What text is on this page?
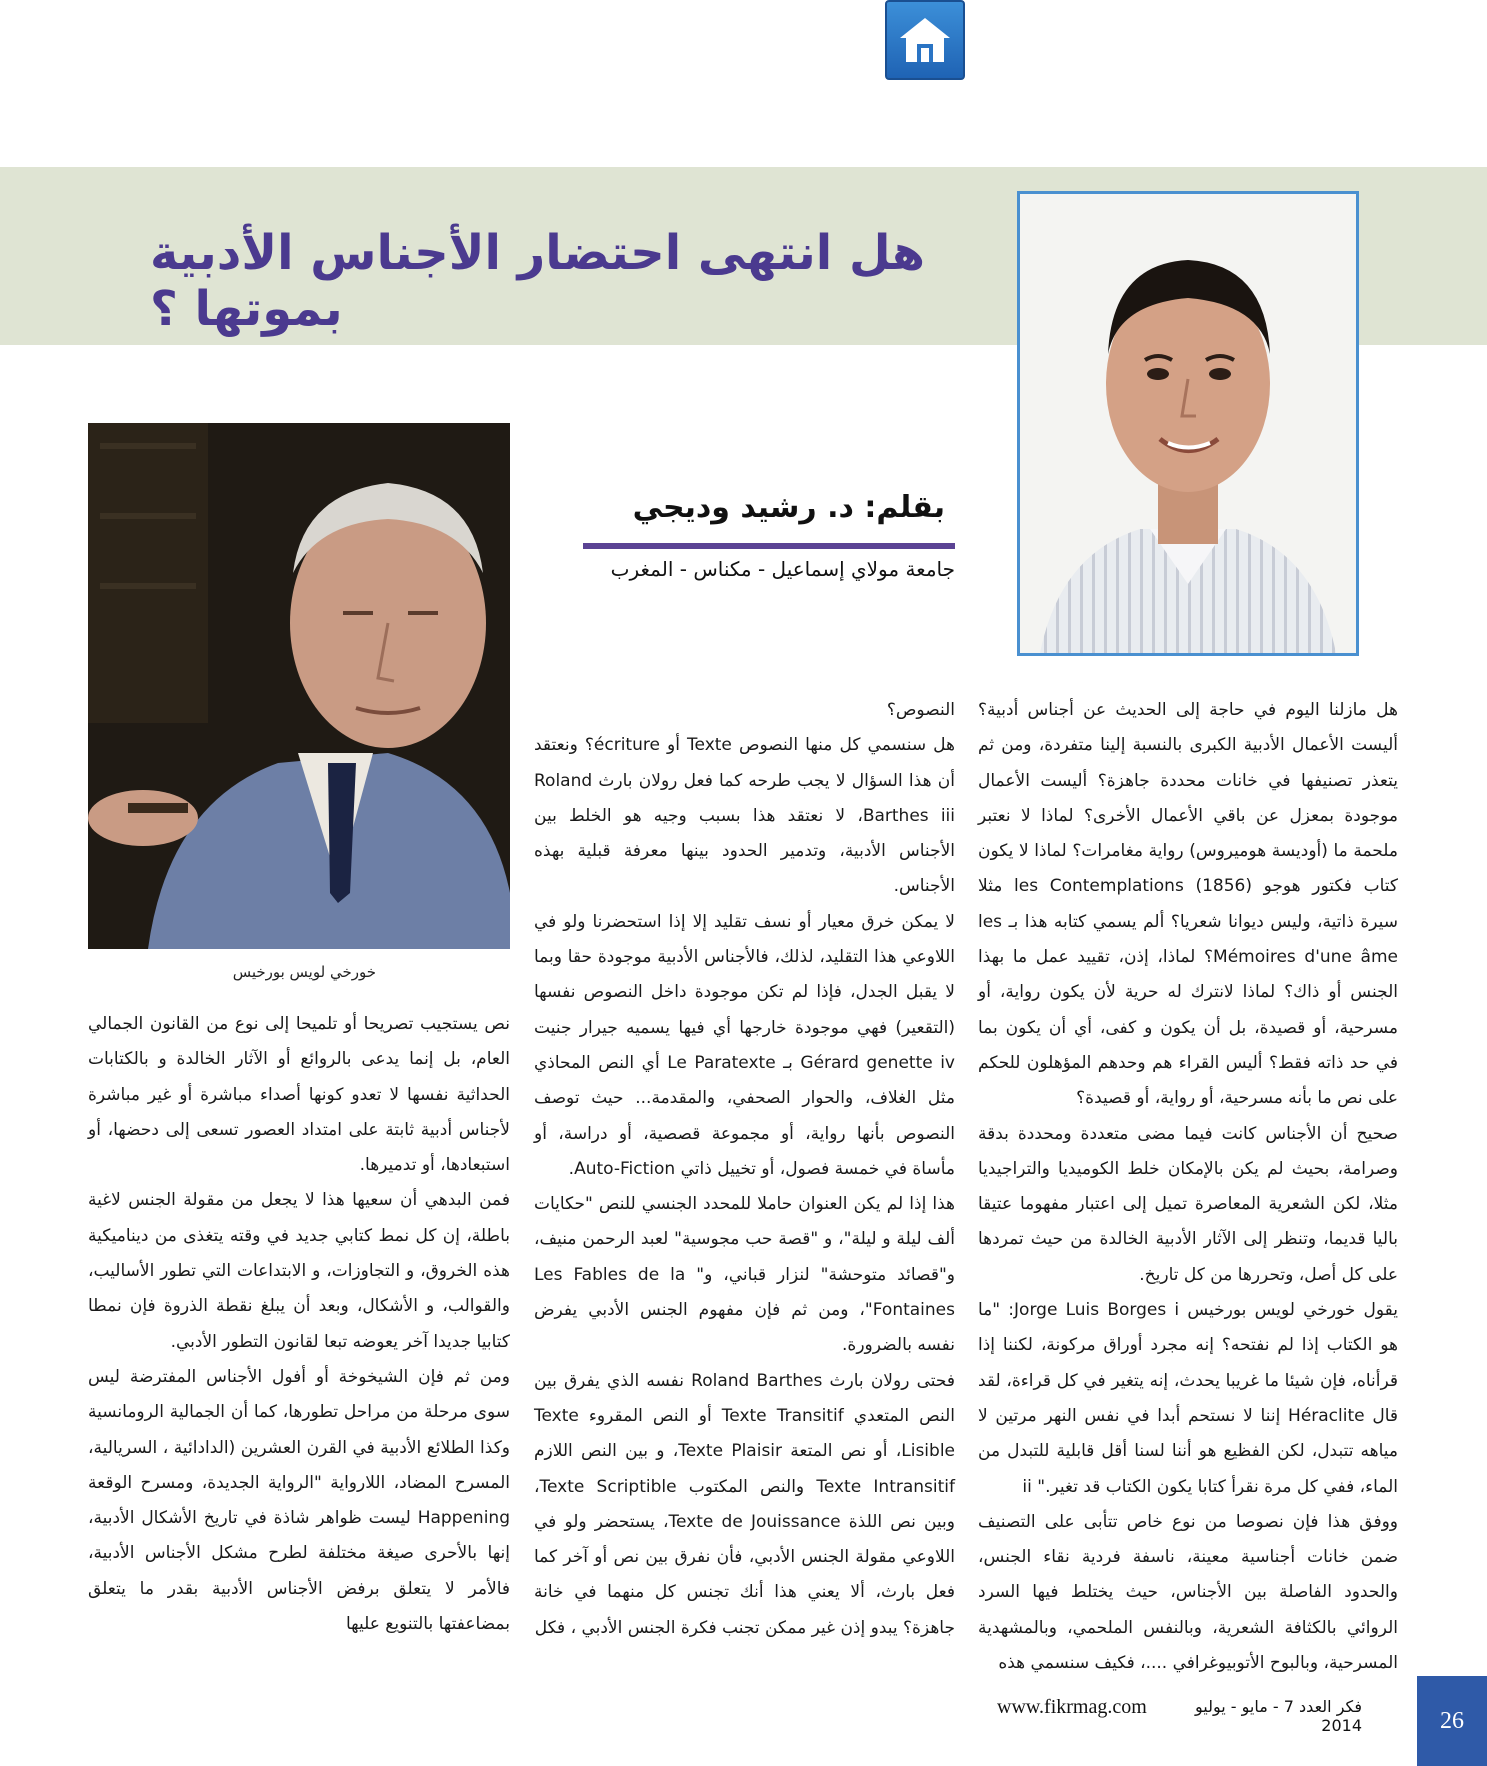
هل انتهى احتضار الأجناس الأدبية بموتها ؟
بقلم: د. رشيد وديجي
جامعة مولاي إسماعيل - مكناس - المغرب
خورخي لويس بورخيس

هل مازلنا اليوم في حاجة إلى الحديث عن أجناس أدبية؟ أليست الأعمال الأدبية الكبرى بالنسبة إلينا متفردة، ومن ثم يتعذر تصنيفها في خانات محددة جاهزة؟ أليست الأعمال موجودة بمعزل عن باقي الأعمال الأخرى؟ لماذا لا نعتبر ملحمة ما (أوديسة هوميروس) رواية مغامرات؟ لماذا لا يكون كتاب فكتور هوجو les Contemplations (1856) مثلا سيرة ذاتية، وليس ديوانا شعريا؟ ألم يسمي كتابه هذا بـ les Mémoires d'une âme؟ لماذا، إذن، تقييد عمل ما بهذا الجنس أو ذاك؟ لماذا لانترك له حرية لأن يكون رواية، أو مسرحية، أو قصيدة، بل أن يكون و كفى، أي أن يكون بما في حد ذاته فقط؟ أليس القراء هم وحدهم المؤهلون للحكم على نص ما بأنه مسرحية، أو رواية، أو قصيدة؟

صحيح أن الأجناس كانت فيما مضى متعددة ومحددة بدقة وصرامة، بحيث لم يكن بالإمكان خلط الكوميديا والتراجيديا مثلا، لكن الشعرية المعاصرة تميل إلى اعتبار مفهوما عتيقا باليا قديما، وتنظر إلى الآثار الأدبية الخالدة من حيث تمردها على كل أصل، وتحررها من كل تاريخ.

يقول خورخي لويس بورخيس Jorge Luis Borges i: "ما هو الكتاب إذا لم نفتحه؟ إنه مجرد أوراق مركونة، لكننا إذا قرأناه، فإن شيئا ما غريبا يحدث، إنه يتغير في كل قراءة، لقد قال Héraclite إننا لا نستحم أبدا في نفس النهر مرتين لا مياهه تتبدل، لكن الفظيع هو أننا لسنا أقل قابلية للتبدل من الماء، ففي كل مرة نقرأ كتابا يكون الكتاب قد تغير." ii

ووفق هذا فإن نصوصا من نوع خاص تتأبى على التصنيف ضمن خانات أجناسية معينة، ناسفة فردية نقاء الجنس، والحدود الفاصلة بين الأجناس، حيث يختلط فيها السرد الروائي بالكثافة الشعرية، وبالنفس الملحمي، وبالمشهدية المسرحية، وبالبوح الأتوبيوغرافي ....، فكيف سنسمي هذه

النصوص؟

هل سنسمي كل منها النصوص Texte أو écriture؟ ونعتقد أن هذا السؤال لا يجب طرحه كما فعل رولان بارث Roland Barthes iii، لا نعتقد هذا بسبب وجيه هو الخلط بين الأجناس الأدبية، وتدمير الحدود بينها معرفة قبلية بهذه الأجناس.

لا يمكن خرق معيار أو نسف تقليد إلا إذا استحضرنا ولو في اللاوعي هذا التقليد، لذلك، فالأجناس الأدبية موجودة حقا وبما لا يقبل الجدل، فإذا لم تكن موجودة داخل النصوص نفسها (التقعير) فهي موجودة خارجها أي فيها يسميه جيرار جنيت Gérard genette iv بـ Le Paratexte أي النص المحاذي مثل الغلاف، والحوار الصحفي، والمقدمة... حيث توصف النصوص بأنها رواية، أو مجموعة قصصية، أو دراسة، أو مأساة في خمسة فصول، أو تخييل ذاتي Auto-Fiction.

هذا إذا لم يكن العنوان حاملا للمحدد الجنسي للنص "حكايات ألف ليلة و ليلة"، و "قصة حب مجوسية" لعبد الرحمن منيف، و"قصائد متوحشة" لنزار قباني، و" Les Fables de la Fontaines"، ومن ثم فإن مفهوم الجنس الأدبي يفرض نفسه بالضرورة.

فحتى رولان بارث Roland Barthes نفسه الذي يفرق بين النص المتعدي Texte Transitif أو النص المقروء Texte Lisible، أو نص المتعة Texte Plaisir، و بين النص اللازم Texte Intransitif والنص المكتوب Texte Scriptible، وبين نص اللذة Texte de Jouissance، يستحضر ولو في اللاوعي مقولة الجنس الأدبي، فأن نفرق بين نص أو آخر كما فعل بارث، ألا يعني هذا أنك تجنس كل منهما في خانة جاهزة؟ يبدو إذن غير ممكن تجنب فكرة الجنس الأدبي ، فكل

نص يستجيب تصريحا أو تلميحا إلى نوع من القانون الجمالي العام، بل إنما يدعى بالروائع أو الآثار الخالدة و بالكتابات الحداثية نفسها لا تعدو كونها أصداء مباشرة أو غير مباشرة لأجناس أدبية ثابتة على امتداد العصور تسعى إلى دحضها، أو استبعادها، أو تدميرها.

فمن البدهي أن سعيها هذا لا يجعل من مقولة الجنس لاغية باطلة، إن كل نمط كتابي جديد في وقته يتغذى من ديناميكية هذه الخروق، و التجاوزات، و الابتداعات التي تطور الأساليب، والقوالب، و الأشكال، وبعد أن يبلغ نقطة الذروة فإن نمطا كتابيا جديدا آخر يعوضه تبعا لقانون التطور الأدبي.

ومن ثم فإن الشيخوخة أو أفول الأجناس المفترضة ليس سوى مرحلة من مراحل تطورها، كما أن الجمالية الرومانسية وكذا الطلائع الأدبية في القرن العشرين (الدادائية ، السريالية، المسرح المضاد، اللارواية "الرواية الجديدة، ومسرح الوقعة Happening ليست ظواهر شاذة في تاريخ الأشكال الأدبية، إنها بالأحرى صيغة مختلفة لطرح مشكل الأجناس الأدبية، فالأمر لا يتعلق برفض الأجناس الأدبية بقدر ما يتعلق بمضاعفتها بالتنويع عليها

www.fikrmag.com	فكر العدد 7 - مايو - يوليو 2014	26
